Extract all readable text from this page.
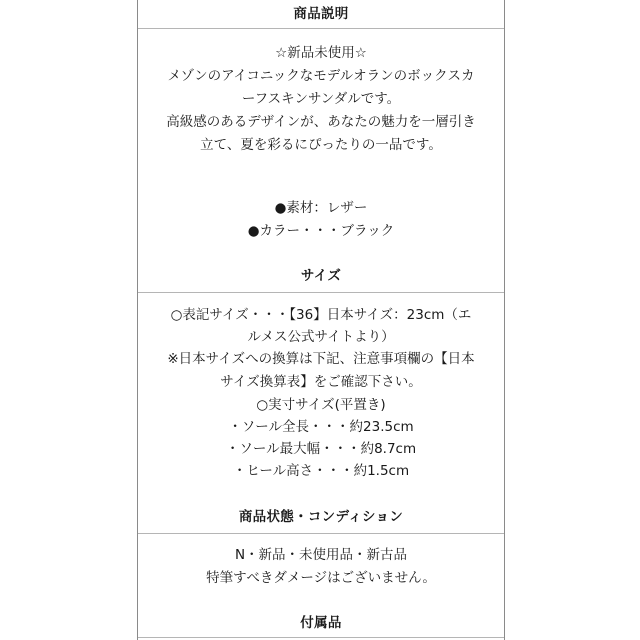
商品説明
☆新品未使用☆
メゾンのアイコニックなモデルオランのボックスカ
ーフスキンサンダルです。
高級感のあるデザインが、あなたの魅力を一層引き
立て、夏を彩るにぴったりの一品です。
●素材：レザー
●カラー・・・ブラック
サイズ
○表記サイズ・・・【36】日本サイズ：23cm（エ
ルメス公式サイトより）
※日本サイズへの換算は下記、注意事項欄の【日本
サイズ換算表】をご確認下さい。
○実寸サイズ(平置き)
・ソール全長・・・約23.5cm
・ソール最大幅・・・約8.7cm
・ヒール高さ・・・約1.5cm
商品状態・コンディション
N・新品・未使用品・新古品
特筆すべきダメージはございません。
付属品
